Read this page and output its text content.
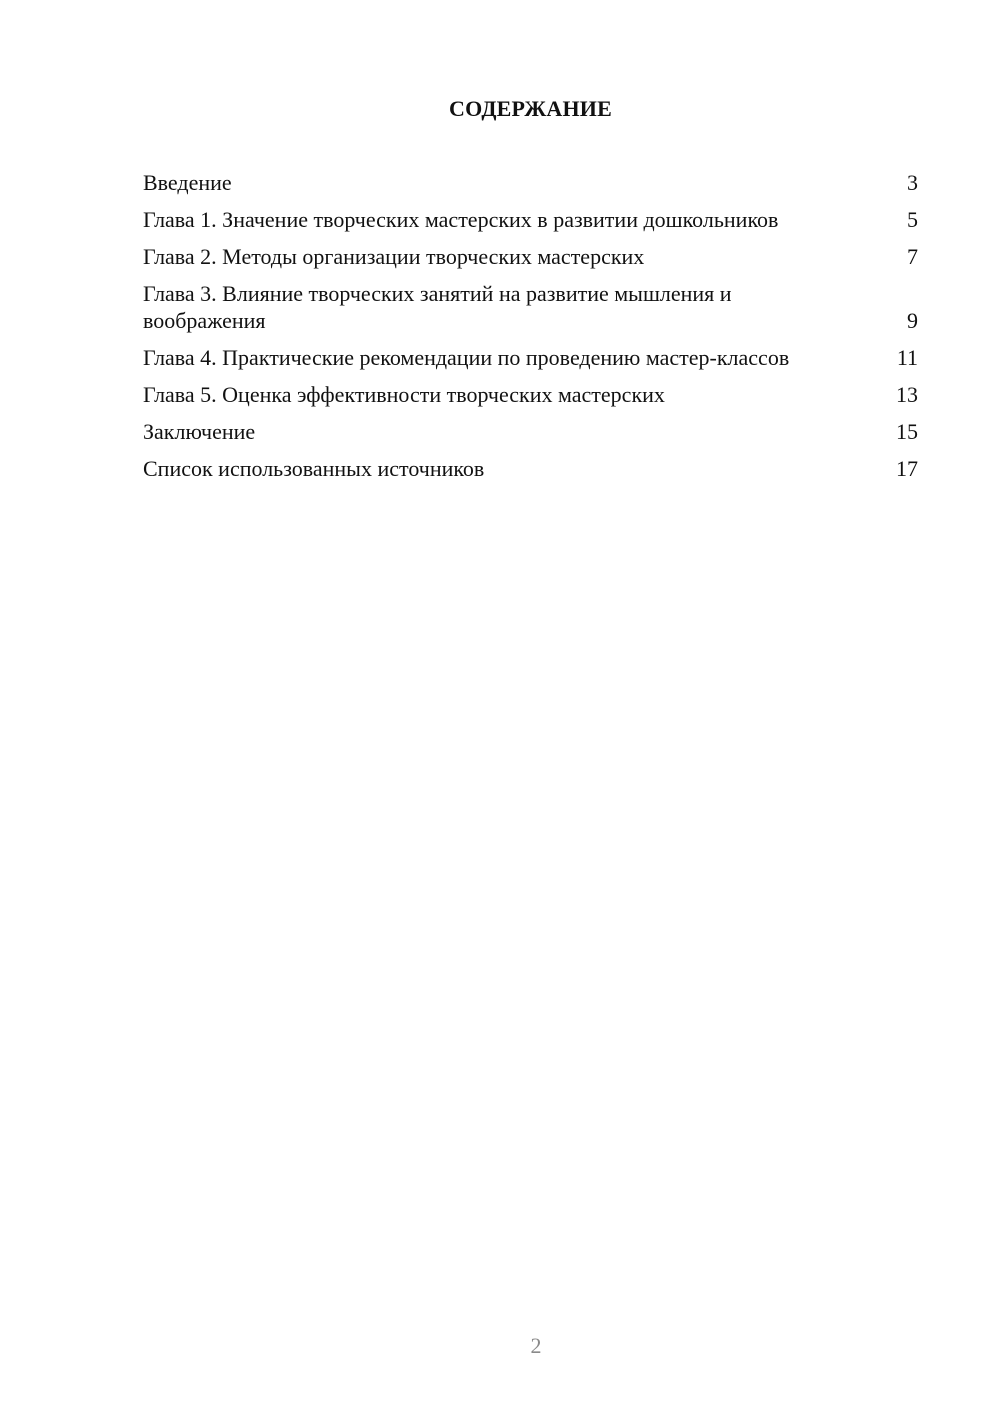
СОДЕРЖАНИЕ
Введение	3
Глава 1. Значение творческих мастерских в развитии дошкольников	5
Глава 2. Методы организации творческих мастерских	7
Глава 3. Влияние творческих занятий на развитие мышления и воображения	9
Глава 4. Практические рекомендации по проведению мастер-классов	11
Глава 5. Оценка эффективности творческих мастерских	13
Заключение	15
Список использованных источников	17
2
